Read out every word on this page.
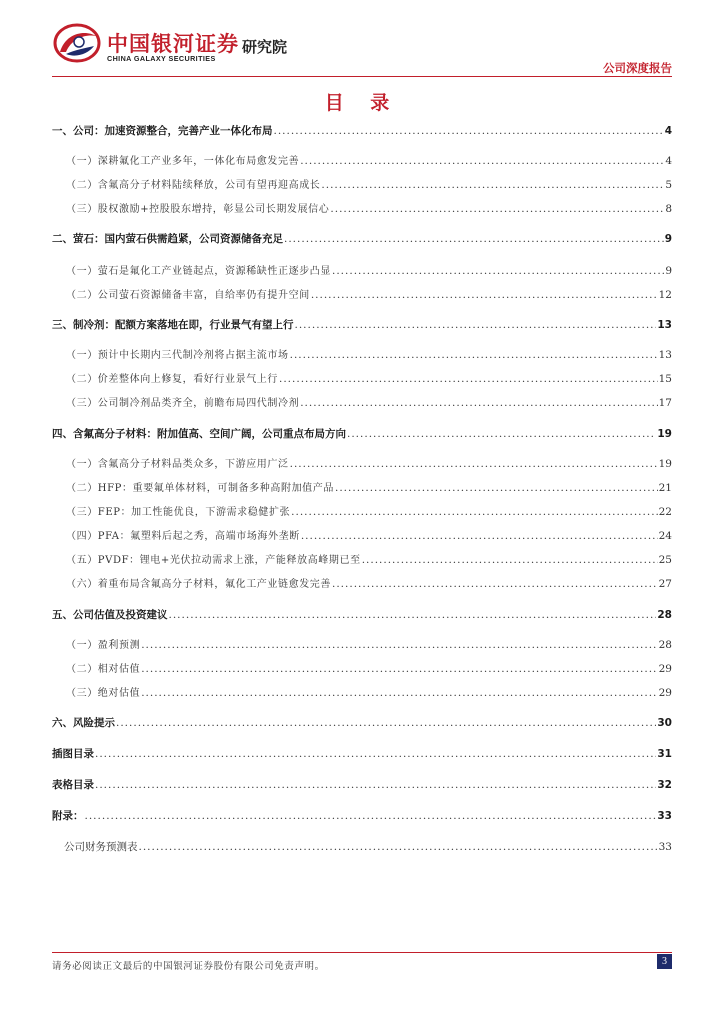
中国银河证券
CHINA GALAXY SECURITIES
研究院
公司深度报告
目 录
一、公司：加速资源整合，完善产业一体化布局 .....	4
（一）深耕氟化工产业多年，一体化布局愈发完善 .....	4
（二）含氟高分子材料陆续释放，公司有望再迎高成长 .....	5
（三）股权激励+控股股东增持，彰显公司长期发展信心 .....	8
二、萤石：国内萤石供需趋紧，公司资源储备充足 .....	9
（一）萤石是氟化工产业链起点，资源稀缺性正逐步凸显 .....	9
（二）公司萤石资源储备丰富，自给率仍有提升空间 .....	12
三、制冷剂：配额方案落地在即，行业景气有望上行 .....	13
（一）预计中长期内三代制冷剂将占据主流市场 .....	13
（二）价差整体向上修复，看好行业景气上行 .....	15
（三）公司制冷剂品类齐全，前瞻布局四代制冷剂 .....	17
四、含氟高分子材料：附加值高、空间广阔，公司重点布局方向 .....	19
（一）含氟高分子材料品类众多，下游应用广泛 .....	19
（二）HFP：重要氟单体材料，可制备多种高附加值产品 .....	21
（三）FEP：加工性能优良，下游需求稳健扩张 .....	22
（四）PFA：氟塑料后起之秀，高端市场海外垄断 .....	24
（五）PVDF：锂电+光伏拉动需求上涨，产能释放高峰期已至 .....	25
（六）着重布局含氟高分子材料，氟化工产业链愈发完善 .....	27
五、公司估值及投资建议 .....	28
（一）盈利预测 .....	28
（二）相对估值 .....	29
（三）绝对估值 .....	29
六、风险提示 .....	30
插图目录 .....	31
表格目录 .....	32
附录： .....	33
公司财务预测表 .....	33
请务必阅读正文最后的中国银河证券股份有限公司免责声明。	3
